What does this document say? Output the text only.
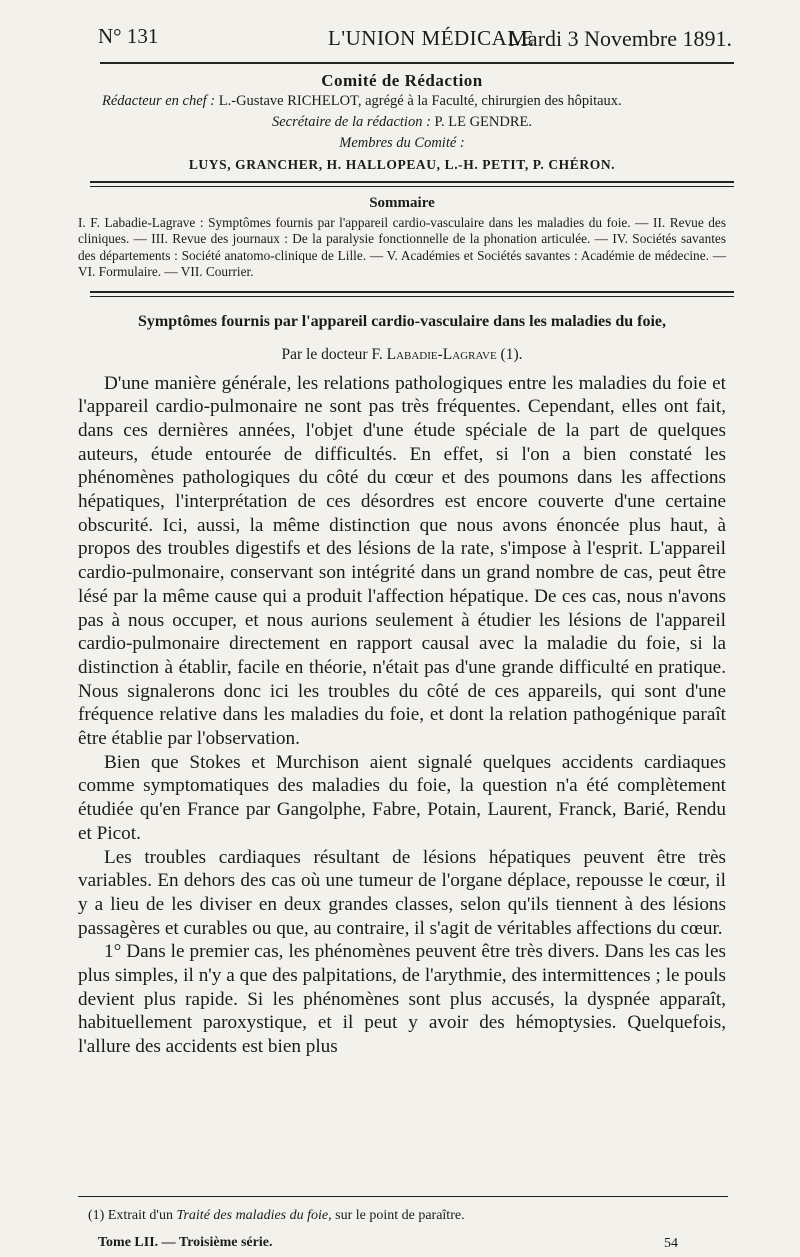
N° 131	L'UNION MÉDICALE
Mardi 3 Novembre 1891.
Comité de Rédaction
Rédacteur en chef : L.-Gustave RICHELOT, agrégé à la Faculté, chirurgien des hôpitaux.
Secrétaire de la rédaction : P. LE GENDRE.
Membres du Comité :
LUYS, GRANCHER, H. HALLOPEAU, L.-H. PETIT, P. CHÉRON.
Sommaire
I. F. Labadie-Lagrave : Symptômes fournis par l'appareil cardio-vasculaire dans les maladies du foie. — II. Revue des cliniques. — III. Revue des journaux : De la paralysie fonctionnelle de la phonation articulée. — IV. Sociétés savantes des départements : Société anatomo-clinique de Lille. — V. Académies et Sociétés savantes : Académie de médecine. — VI. Formulaire. — VII. Courrier.
Symptômes fournis par l'appareil cardio-vasculaire dans les maladies du foie,
Par le docteur F. Labadie-Lagrave (1).

D'une manière générale, les relations pathologiques entre les maladies du foie et l'appareil cardio-pulmonaire ne sont pas très fréquentes. Cependant, elles ont fait, dans ces dernières années, l'objet d'une étude spéciale de la part de quelques auteurs, étude entourée de difficultés. En effet, si l'on a bien constaté les phénomènes pathologiques du côté du cœur et des poumons dans les affections hépatiques, l'interprétation de ces désordres est encore couverte d'une certaine obscurité. Ici, aussi, la même distinction que nous avons énoncée plus haut, à propos des troubles digestifs et des lésions de la rate, s'impose à l'esprit. L'appareil cardio-pulmonaire, conservant son intégrité dans un grand nombre de cas, peut être lésé par la même cause qui a produit l'affection hépatique. De ces cas, nous n'avons pas à nous occuper, et nous aurions seulement à étudier les lésions de l'appareil cardio-pulmonaire directement en rapport causal avec la maladie du foie, si la distinction à établir, facile en théorie, n'était pas d'une grande difficulté en pratique. Nous signalerons donc ici les troubles du côté de ces appareils, qui sont d'une fréquence relative dans les maladies du foie, et dont la relation pathogénique paraît être établie par l'observation.

Bien que Stokes et Murchison aient signalé quelques accidents cardiaques comme symptomatiques des maladies du foie, la question n'a été complètement étudiée qu'en France par Gangolphe, Fabre, Potain, Laurent, Franck, Barié, Rendu et Picot.

Les troubles cardiaques résultant de lésions hépatiques peuvent être très variables. En dehors des cas où une tumeur de l'organe déplace, repousse le cœur, il y a lieu de les diviser en deux grandes classes, selon qu'ils tiennent à des lésions passagères et curables ou que, au contraire, il s'agit de véritables affections du cœur.

1° Dans le premier cas, les phénomènes peuvent être très divers. Dans les cas les plus simples, il n'y a que des palpitations, de l'arythmie, des intermittences ; le pouls devient plus rapide. Si les phénomènes sont plus accusés, la dyspnée apparaît, habituellement paroxystique, et il peut y avoir des hémoptysies. Quelquefois, l'allure des accidents est bien plus

(1) Extrait d'un Traité des maladies du foie, sur le point de paraître.
Tome LII. — Troisième série.	54
